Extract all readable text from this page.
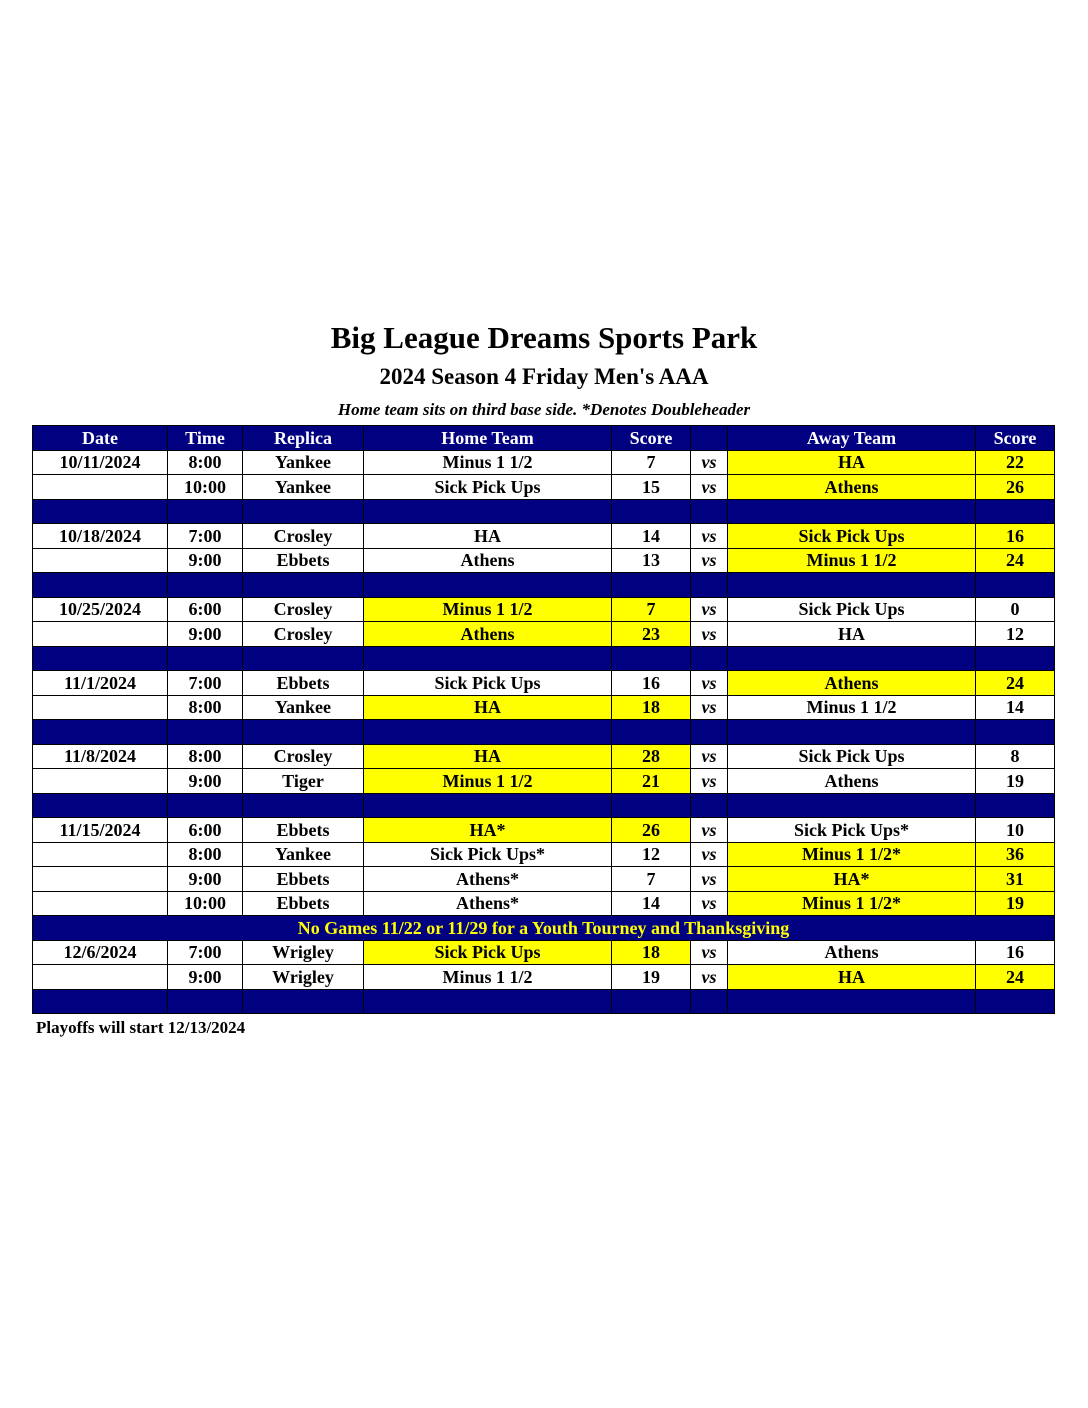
Big League Dreams Sports Park
2024 Season 4 Friday Men's AAA
Home team sits on third base side. *Denotes Doubleheader
Date	Time	Replica	Home Team	Score		Away Team	Score
10/11/2024	8:00	Yankee	Minus 1 1/2	7	vs	HA	22
	10:00	Yankee	Sick Pick Ups	15	vs	Athens	26

10/18/2024	7:00	Crosley	HA	14	vs	Sick Pick Ups	16
	9:00	Ebbets	Athens	13	vs	Minus 1 1/2	24

10/25/2024	6:00	Crosley	Minus 1 1/2	7	vs	Sick Pick Ups	0
	9:00	Crosley	Athens	23	vs	HA	12

11/1/2024	7:00	Ebbets	Sick Pick Ups	16	vs	Athens	24
	8:00	Yankee	HA	18	vs	Minus 1 1/2	14

11/8/2024	8:00	Crosley	HA	28	vs	Sick Pick Ups	8
	9:00	Tiger	Minus 1 1/2	21	vs	Athens	19

11/15/2024	6:00	Ebbets	HA*	26	vs	Sick Pick Ups*	10
	8:00	Yankee	Sick Pick Ups*	12	vs	Minus 1 1/2*	36
	9:00	Ebbets	Athens*	7	vs	HA*	31
	10:00	Ebbets	Athens*	14	vs	Minus 1 1/2*	19
No Games 11/22 or 11/29 for a Youth Tourney and Thanksgiving							
12/6/2024	7:00	Wrigley	Sick Pick Ups	18	vs	Athens	16
	9:00	Wrigley	Minus 1 1/2	19	vs	HA	24

Playoffs will start 12/13/2024
